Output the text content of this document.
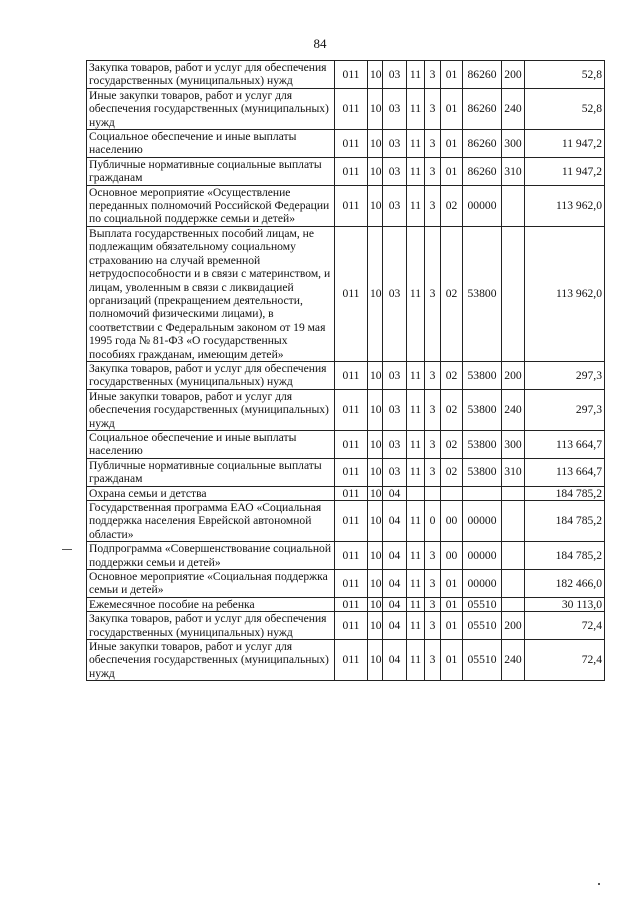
84
Закупка товаров, работ и услуг для обеспечения государственных (муниципальных) нужд	011	10	03	11	3	01	86260	200	52,8
Иные закупки товаров, работ и услуг для обеспечения государственных (муниципальных) нужд	011	10	03	11	3	01	86260	240	52,8
Социальное обеспечение и иные выплаты населению	011	10	03	11	3	01	86260	300	11 947,2
Публичные нормативные социальные выплаты гражданам	011	10	03	11	3	01	86260	310	11 947,2
Основное мероприятие «Осуществление переданных полномочий Российской Федерации по социальной поддержке семьи и детей»	011	10	03	11	3	02	00000		113 962,0
Выплата государственных пособий лицам, не подлежащим обязательному социальному страхованию на случай временной нетрудоспособности и в связи с материнством, и лицам, уволенным в связи с ликвидацией организаций (прекращением деятельности, полномочий физическими лицами), в соответствии с Федеральным законом от 19 мая 1995 года № 81-ФЗ «О государственных пособиях гражданам, имеющим детей»	011	10	03	11	3	02	53800		113 962,0
Закупка товаров, работ и услуг для обеспечения государственных (муниципальных) нужд	011	10	03	11	3	02	53800	200	297,3
Иные закупки товаров, работ и услуг для обеспечения государственных (муниципальных) нужд	011	10	03	11	3	02	53800	240	297,3
Социальное обеспечение и иные выплаты населению	011	10	03	11	3	02	53800	300	113 664,7
Публичные нормативные социальные выплаты гражданам	011	10	03	11	3	02	53800	310	113 664,7
Охрана семьи и детства	011	10	04						184 785,2
Государственная программа ЕАО «Социальная поддержка населения Еврейской автономной области»	011	10	04	11	0	00	00000		184 785,2
Подпрограмма «Совершенствование социальной поддержки семьи и детей»	011	10	04	11	3	00	00000		184 785,2
Основное мероприятие «Социальная поддержка семьи и детей»	011	10	04	11	3	01	00000		182 466,0
Ежемесячное пособие на ребенка	011	10	04	11	3	01	05510		30 113,0
Закупка товаров, работ и услуг для обеспечения государственных (муниципальных) нужд	011	10	04	11	3	01	05510	200	72,4
Иные закупки товаров, работ и услуг для обеспечения государственных (муниципальных) нужд	011	10	04	11	3	01	05510	240	72,4
